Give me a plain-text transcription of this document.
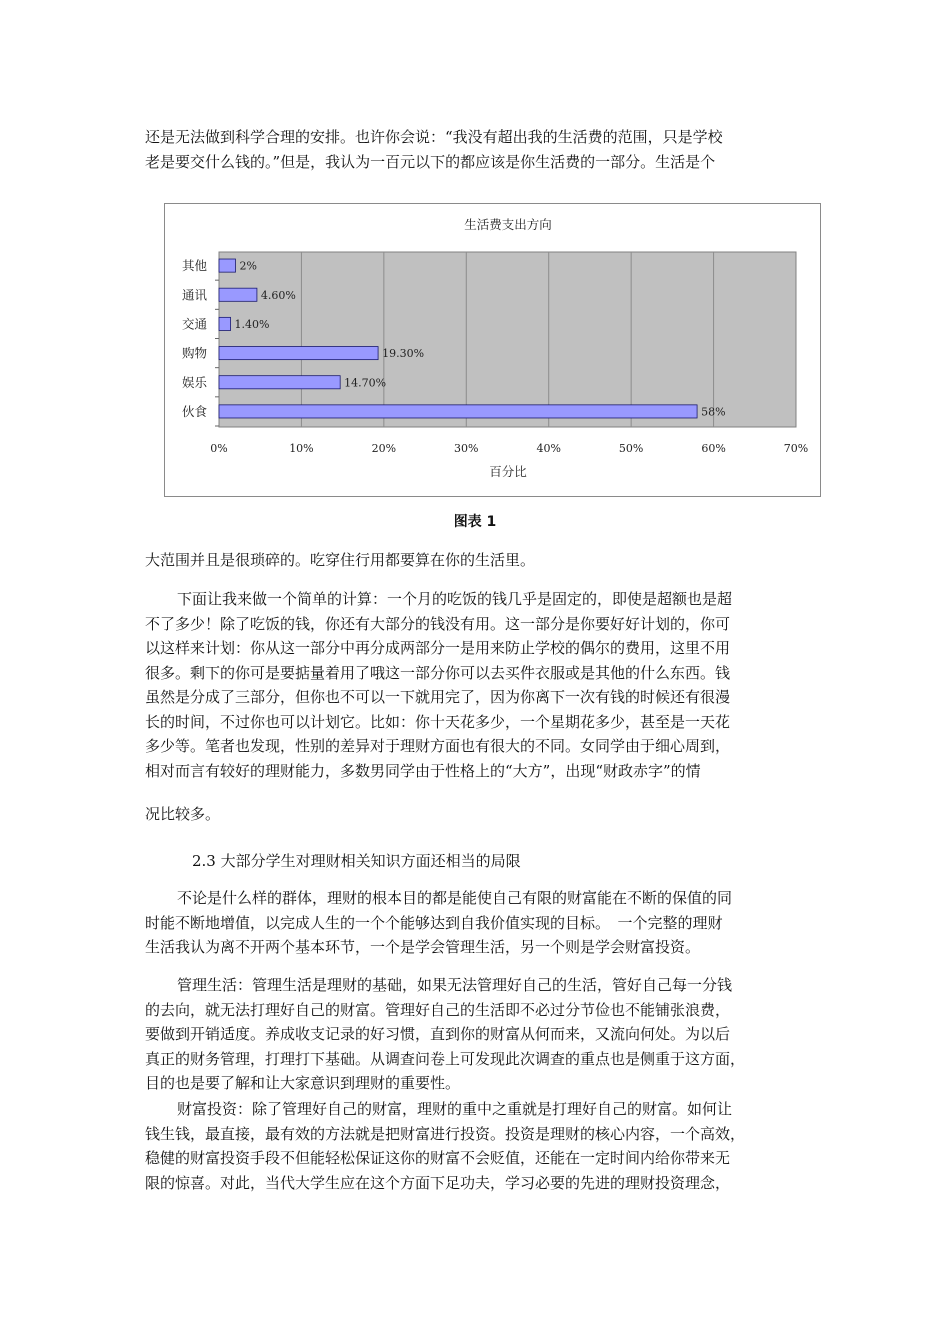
还是无法做到科学合理的安排。也许你会说：“我没有超出我的生活费的范围，只是学校
老是要交什么钱的。”但是，我认为一百元以下的都应该是你生活费的一部分。生活是个
生活费支出方向
2%
4.60%
1.40%
19.30%
14.70%
58%
其他
通讯
交通
购物
娱乐
伙食
0%	10%	20%	30%	40%	50%	60%	70%
百分比
图表 1
大范围并且是很琐碎的。吃穿住行用都要算在你的生活里。
下面让我来做一个简单的计算：一个月的吃饭的钱几乎是固定的，即使是超额也是超
不了多少！除了吃饭的钱，你还有大部分的钱没有用。这一部分是你要好好计划的，你可
以这样来计划：你从这一部分中再分成两部分一是用来防止学校的偶尔的费用，这里不用
很多。剩下的你可是要掂量着用了哦这一部分你可以去买件衣服或是其他的什么东西。钱
虽然是分成了三部分，但你也不可以一下就用完了，因为你离下一次有钱的时候还有很漫
长的时间，不过你也可以计划它。比如：你十天花多少，一个星期花多少，甚至是一天花
多少等。笔者也发现，性别的差异对于理财方面也有很大的不同。女同学由于细心周到，
相对而言有较好的理财能力，多数男同学由于性格上的“大方”，出现“财政赤字”的情
况比较多。
2.3 大部分学生对理财相关知识方面还相当的局限
不论是什么样的群体，理财的根本目的都是能使自己有限的财富能在不断的保值的同
时能不断地增值，以完成人生的一个个能够达到自我价值实现的目标。　一个完整的理财
生活我认为离不开两个基本环节，一个是学会管理生活，另一个则是学会财富投资。
管理生活：管理生活是理财的基础，如果无法管理好自己的生活，管好自己每一分钱
的去向，就无法打理好自己的财富。管理好自己的生活即不必过分节俭也不能铺张浪费，
要做到开销适度。养成收支记录的好习惯，直到你的财富从何而来，又流向何处。为以后
真正的财务管理，打理打下基础。从调查问卷上可发现此次调查的重点也是侧重于这方面，
目的也是要了解和让大家意识到理财的重要性。
财富投资：除了管理好自己的财富，理财的重中之重就是打理好自己的财富。如何让
钱生钱，最直接，最有效的方法就是把财富进行投资。投资是理财的核心内容，一个高效，
稳健的财富投资手段不但能轻松保证这你的财富不会贬值，还能在一定时间内给你带来无
限的惊喜。对此，当代大学生应在这个方面下足功夫，学习必要的先进的理财投资理念，
